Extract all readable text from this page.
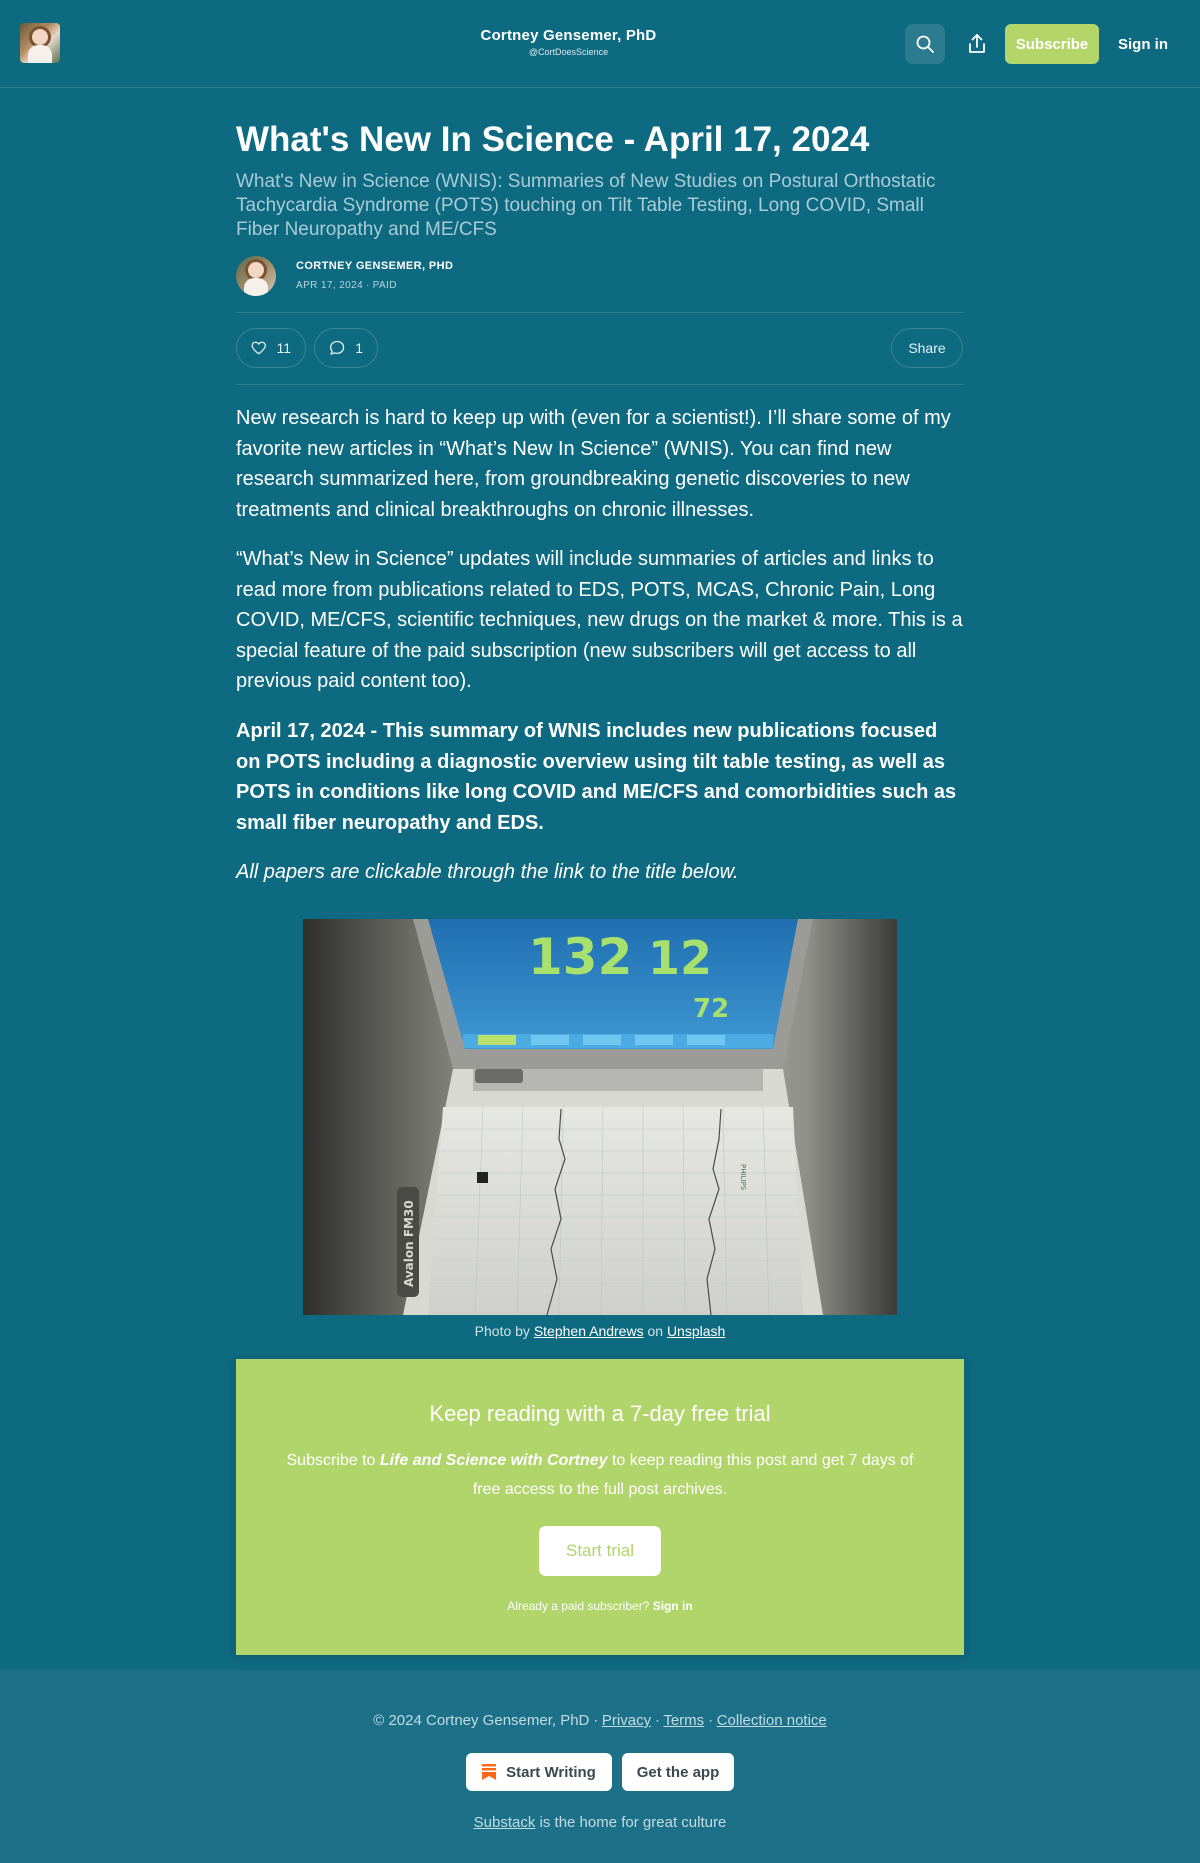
Cortney Gensemer, PhD
@CortDoesScience	Subscribe	Sign in
What's New In Science - April 17, 2024
What's New in Science (WNIS): Summaries of New Studies on Postural Orthostatic Tachycardia Syndrome (POTS) touching on Tilt Table Testing, Long COVID, Small Fiber Neuropathy and ME/CFS
CORTNEY GENSEMER, PHD
APR 17, 2024 ∙ PAID
11	1	Share

New research is hard to keep up with (even for a scientist!). I’ll share some of my favorite new articles in “What’s New In Science” (WNIS). You can find new research summarized here, from groundbreaking genetic discoveries to new treatments and clinical breakthroughs on chronic illnesses.

“What’s New in Science” updates will include summaries of articles and links to read more from publications related to EDS, POTS, MCAS, Chronic Pain, Long COVID, ME/CFS, scientific techniques, new drugs on the market & more. This is a special feature of the paid subscription (new subscribers will get access to all previous paid content too).

April 17, 2024 - This summary of WNIS includes new publications focused on POTS including a diagnostic overview using tilt table testing, as well as POTS in conditions like long COVID and ME/CFS and comorbidities such as small fiber neuropathy and EDS.

All papers are clickable through the link to the title below.

132 12
72
PHILIPS
Avalon FM30
Photo by Stephen Andrews on Unsplash
Keep reading with a 7-day free trial
Subscribe to Life and Science with Cortney to keep reading this post and get 7 days of free access to the full post archives.
Start trial
Already a paid subscriber? Sign in
© 2024 Cortney Gensemer, PhD ∙ Privacy ∙ Terms ∙ Collection notice
Start Writing	Get the app
Substack is the home for great culture
